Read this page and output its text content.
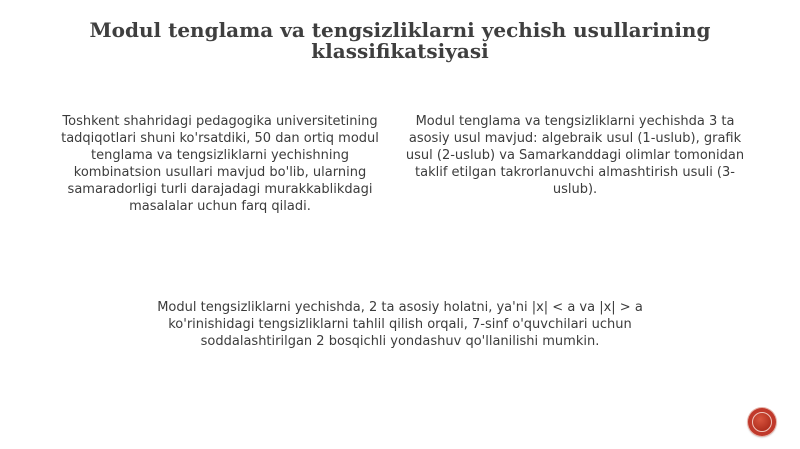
Modul tenglama va tengsizliklarni yechish usullarining klassifikatsiyasi

Toshkent shahridagi pedagogika universitetining tadqiqotlari shuni ko'rsatdiki, 50 dan ortiq modul tenglama va tengsizliklarni yechishning kombinatsion usullari mavjud bo'lib, ularning samaradorligi turli darajadagi murakkablikdagi masalalar uchun farq qiladi.

Modul tenglama va tengsizliklarni yechishda 3 ta asosiy usul mavjud: algebraik usul (1-uslub), grafik usul (2-uslub) va Samarkanddagi olimlar tomonidan taklif etilgan takrorlanuvchi almashtirish usuli (3-uslub).

Modul tengsizliklarni yechishda, 2 ta asosiy holatni, ya'ni |x| < a va |x| > a ko'rinishidagi tengsizliklarni tahlil qilish orqali, 7-sinf o'quvchilari uchun soddalashtirilgan 2 bosqichli yondashuv qo'llanilishi mumkin.
